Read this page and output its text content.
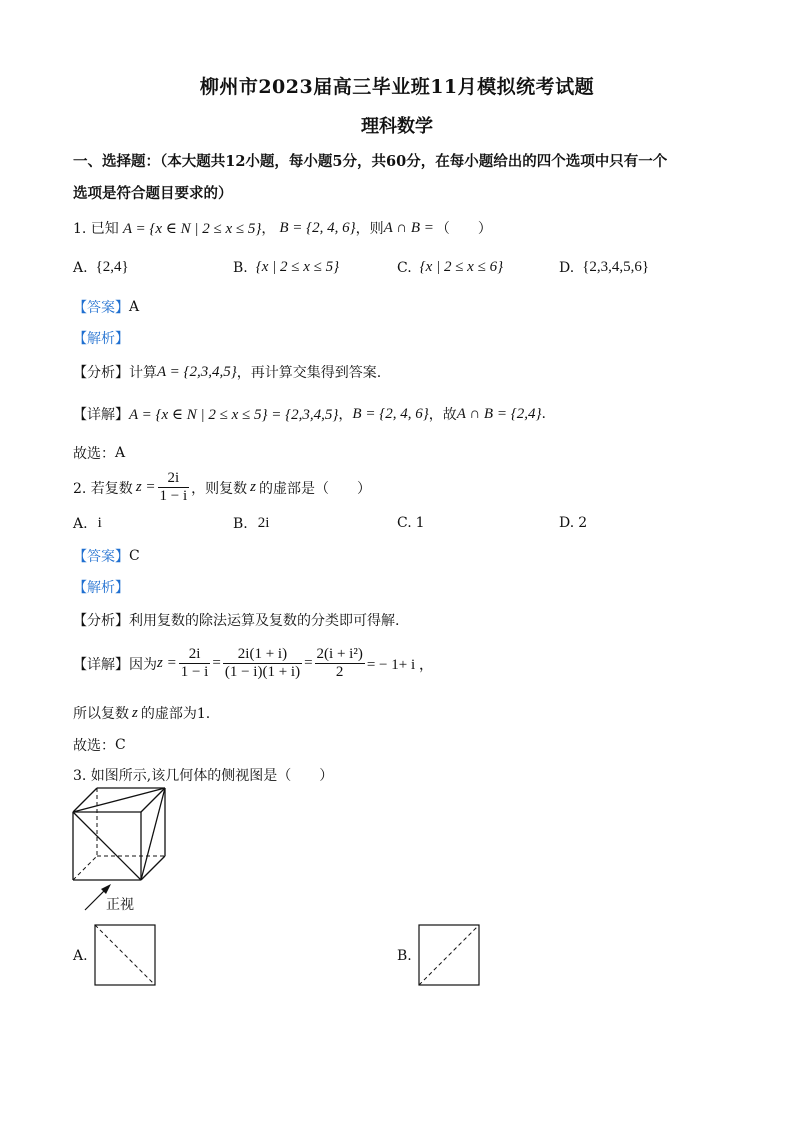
柳州市2023届高三毕业班11月模拟统考试题
理科数学
一、选择题：（本大题共12小题，每小题5分，共60分，在每小题给出的四个选项中只有一个
选项是符合题目要求的）
1. 已知 A = {x ∈ N | 2 ≤ x ≤ 5} ， B = {2, 4, 6} ，则 A ∩ B = （　　）
A. {2,4}	B. {x | 2 ≤ x ≤ 5}	C. {x | 2 ≤ x ≤ 6}	D. {2,3,4,5,6}
【答案】 A
【解析】
【分析】 计算 A = {2,3,4,5} ，再计算交集得到答案.
【详解】 A = {x ∈ N | 2 ≤ x ≤ 5} = {2,3,4,5} ， B = {2, 4, 6} ，故 A ∩ B = {2,4} .
故选： A
2. 若复数 $z = \frac{2i}{1 - i}$ ，则复数 z 的虚部是（　　）
A. i	B. 2i	C. 1	D. 2
【答案】 C
【解析】
【分析】 利用复数的除法运算及复数的分类即可得解.
【详解】 因为 $z = \frac{2i}{1 - i} = \frac{2i(1 + i)}{(1 - i)(1 + i)} = \frac{\text{2(i + i²)}}{2}$ = − 1+ i ，
所以复数 z 的虚部为1.
故选： C
3. 如图所示,该几何体的侧视图是（　　）
正视
A.	B.
